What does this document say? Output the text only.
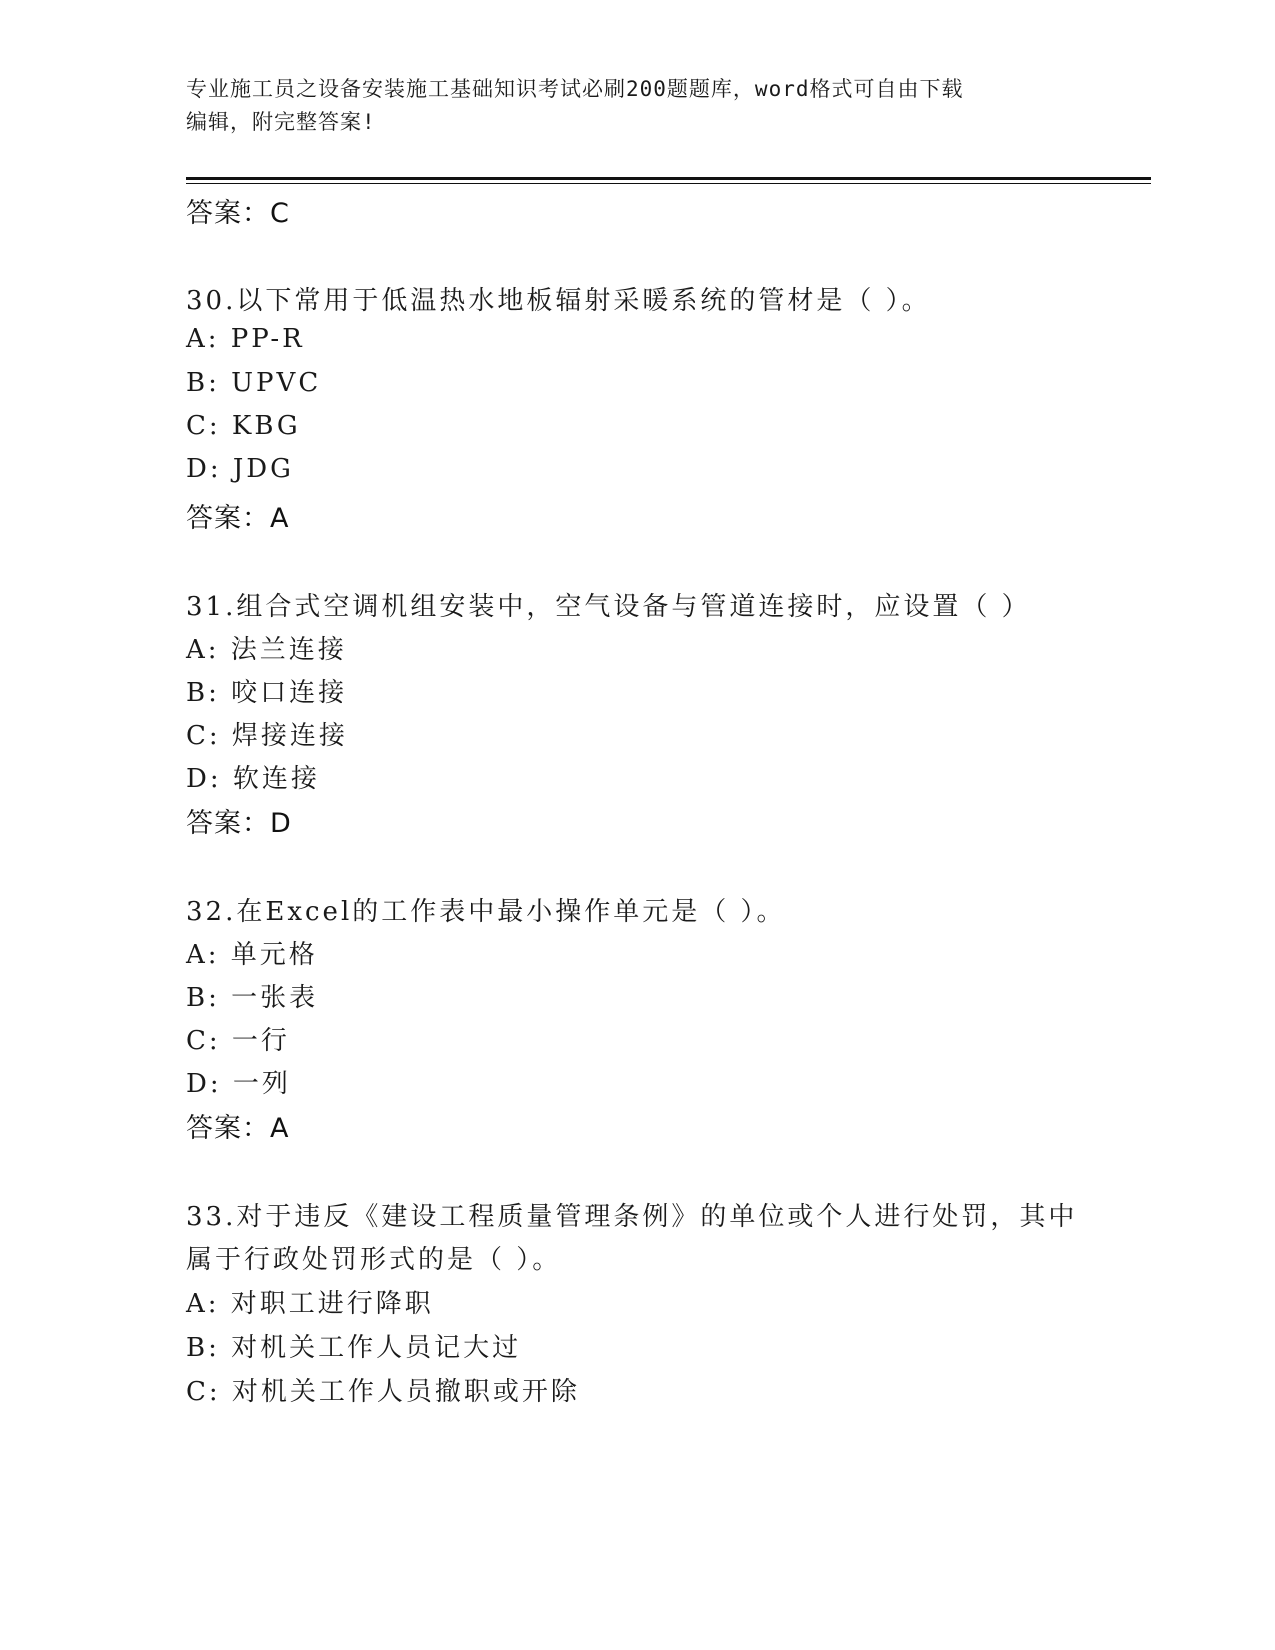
专业施工员之设备安装施工基础知识考试必刷200题题库，word格式可自由下载
编辑，附完整答案!
答案：C
30.以下常用于低温热水地板辐射采暖系统的管材是（ ）。
A: PP-R
B: UPVC
C: KBG
D: JDG
答案：A
31.组合式空调机组安装中，空气设备与管道连接时，应设置（ ）
A: 法兰连接
B: 咬口连接
C: 焊接连接
D: 软连接
答案：D
32.在Excel的工作表中最小操作单元是（ ）。
A: 单元格
B: 一张表
C: 一行
D: 一列
答案：A
33.对于违反《建设工程质量管理条例》的单位或个人进行处罚，其中
属于行政处罚形式的是（ ）。
A: 对职工进行降职
B: 对机关工作人员记大过
C: 对机关工作人员撤职或开除
